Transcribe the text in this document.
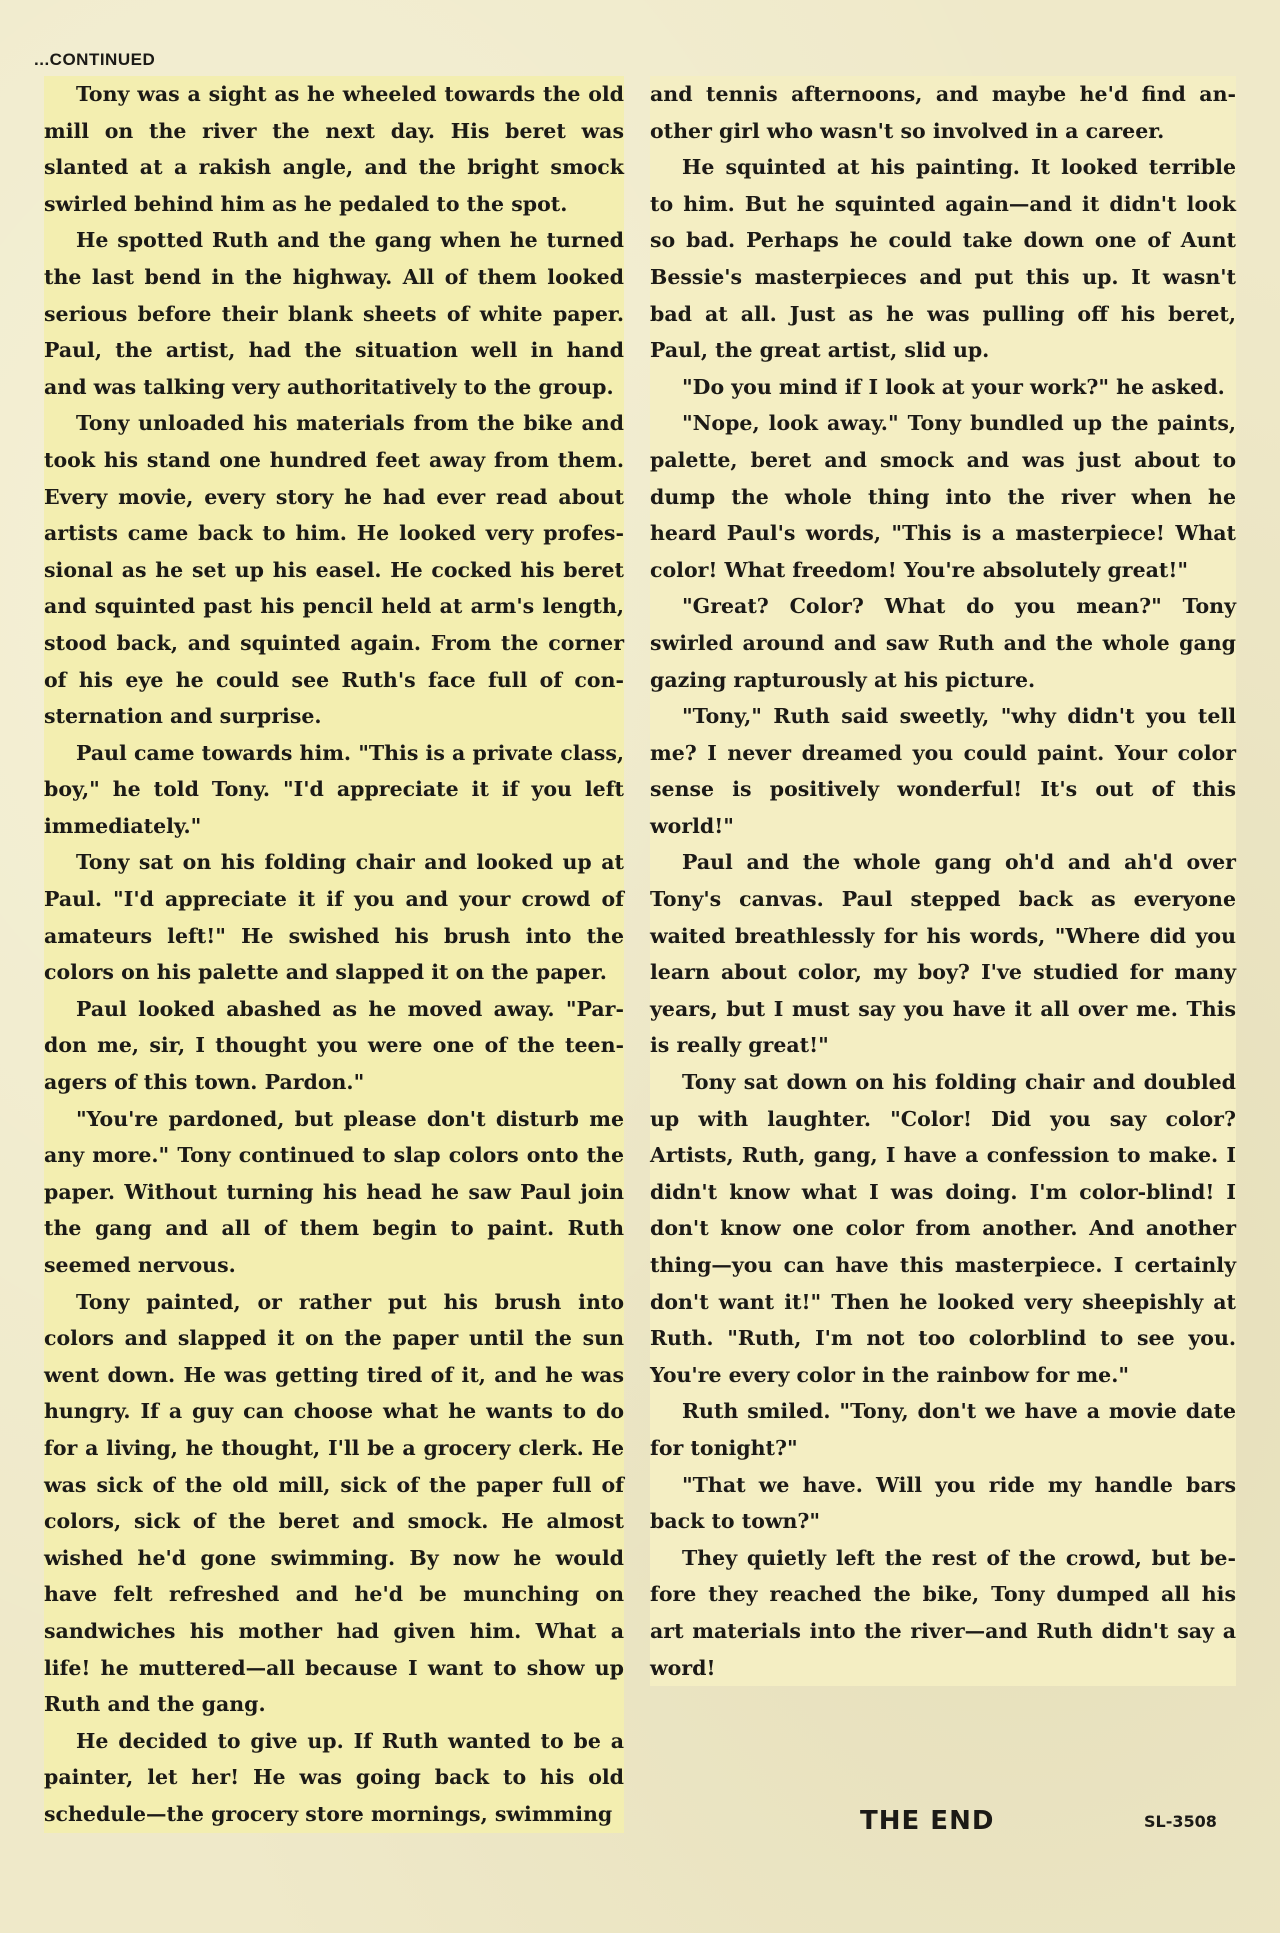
...CONTINUED

Tony was a sight as he wheeled towards the old mill on the river the next day. His beret was slanted at a rakish angle, and the bright smock swirled behind him as he pedaled to the spot.

He spotted Ruth and the gang when he turned the last bend in the highway. All of them looked serious before their blank sheets of white paper. Paul, the artist, had the situation well in hand and was talking very authoritatively to the group.

Tony unloaded his materials from the bike and took his stand one hundred feet away from them. Every movie, every story he had ever read about artists came back to him. He looked very professional as he set up his easel. He cocked his beret and squinted past his pencil held at arm's length, stood back, and squinted again. From the corner of his eye he could see Ruth's face full of consternation and surprise.

Paul came towards him. "This is a private class, boy," he told Tony. "I'd appreciate it if you left immediately."

Tony sat on his folding chair and looked up at Paul. "I'd appreciate it if you and your crowd of amateurs left!" He swished his brush into the colors on his palette and slapped it on the paper.

Paul looked abashed as he moved away. "Pardon me, sir, I thought you were one of the teenagers of this town. Pardon."

"You're pardoned, but please don't disturb me any more." Tony continued to slap colors onto the paper. Without turning his head he saw Paul join the gang and all of them begin to paint. Ruth seemed nervous.

Tony painted, or rather put his brush into colors and slapped it on the paper until the sun went down. He was getting tired of it, and he was hungry. If a guy can choose what he wants to do for a living, he thought, I'll be a grocery clerk. He was sick of the old mill, sick of the paper full of colors, sick of the beret and smock. He almost wished he'd gone swimming. By now he would have felt refreshed and he'd be munching on sandwiches his mother had given him. What a life! he muttered—all because I want to show up Ruth and the gang.

He decided to give up. If Ruth wanted to be a painter, let her! He was going back to his old schedule—the grocery store mornings, swimming

and tennis afternoons, and maybe he'd find another girl who wasn't so involved in a career.

He squinted at his painting. It looked terrible to him. But he squinted again—and it didn't look so bad. Perhaps he could take down one of Aunt Bessie's masterpieces and put this up. It wasn't bad at all. Just as he was pulling off his beret, Paul, the great artist, slid up.

"Do you mind if I look at your work?" he asked.

"Nope, look away." Tony bundled up the paints, palette, beret and smock and was just about to dump the whole thing into the river when he heard Paul's words, "This is a masterpiece! What color! What freedom! You're absolutely great!"

"Great? Color? What do you mean?" Tony swirled around and saw Ruth and the whole gang gazing rapturously at his picture.

"Tony," Ruth said sweetly, "why didn't you tell me? I never dreamed you could paint. Your color sense is positively wonderful! It's out of this world!"

Paul and the whole gang oh'd and ah'd over Tony's canvas. Paul stepped back as everyone waited breathlessly for his words, "Where did you learn about color, my boy? I've studied for many years, but I must say you have it all over me. This is really great!"

Tony sat down on his folding chair and doubled up with laughter. "Color! Did you say color? Artists, Ruth, gang, I have a confession to make. I didn't know what I was doing. I'm color-blind! I don't know one color from another. And another thing—you can have this masterpiece. I certainly don't want it!" Then he looked very sheepishly at Ruth. "Ruth, I'm not too colorblind to see you. You're every color in the rainbow for me."

Ruth smiled. "Tony, don't we have a movie date for tonight?"

"That we have. Will you ride my handle bars back to town?"

They quietly left the rest of the crowd, but before they reached the bike, Tony dumped all his art materials into the river—and Ruth didn't say a word!

THE END	SL-3508
